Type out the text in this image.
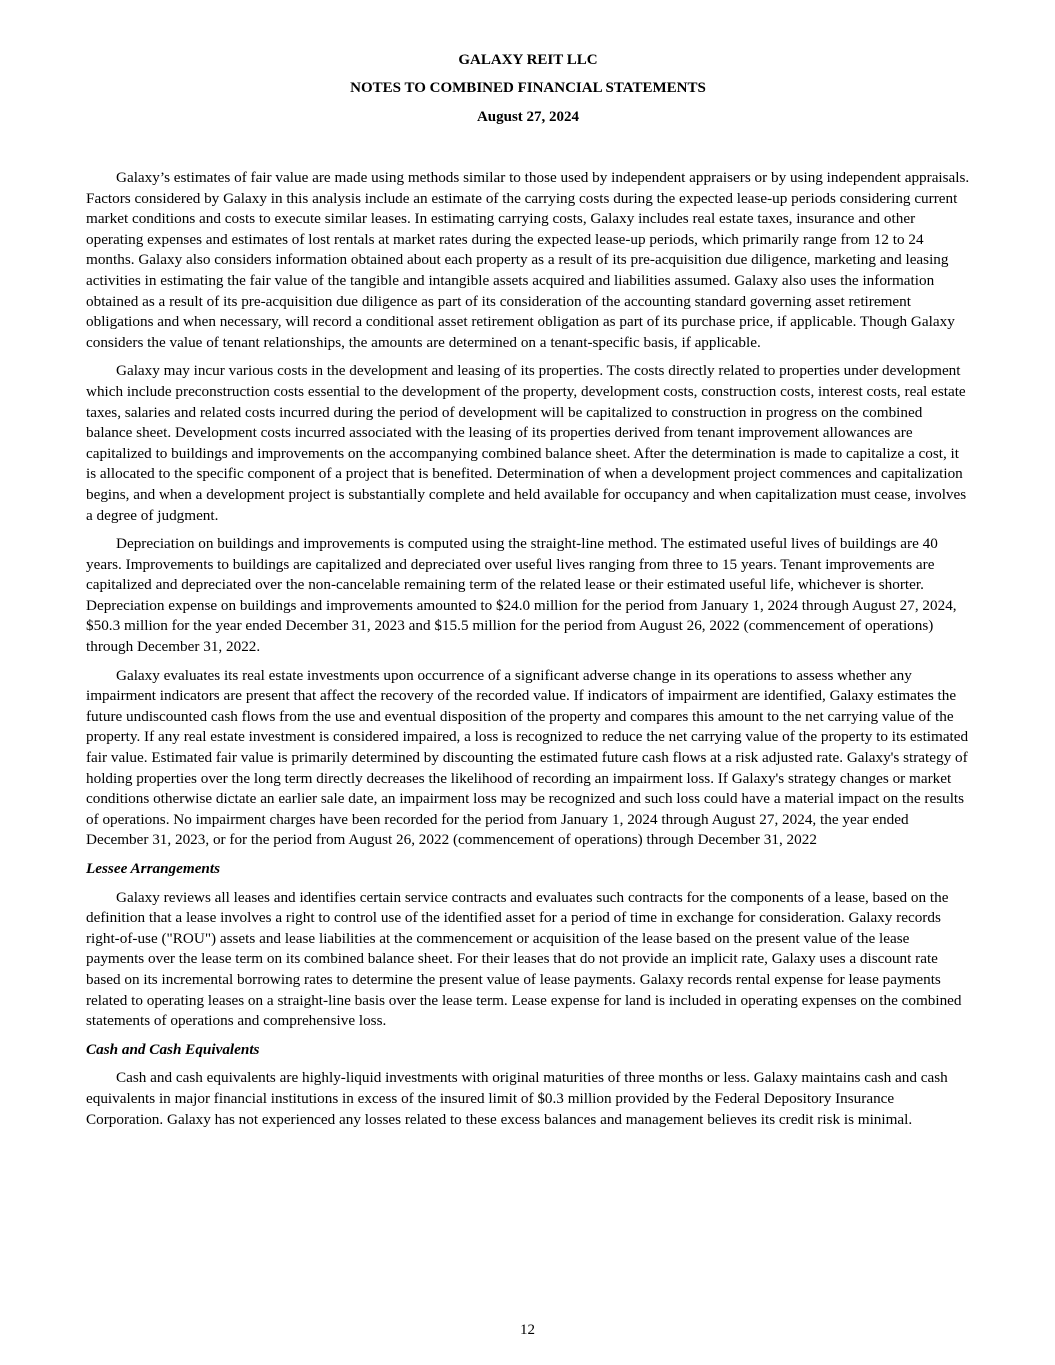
GALAXY REIT LLC
NOTES TO COMBINED FINANCIAL STATEMENTS
August 27, 2024

Galaxy’s estimates of fair value are made using methods similar to those used by independent appraisers or by using independent appraisals. Factors considered by Galaxy in this analysis include an estimate of the carrying costs during the expected lease-up periods considering current market conditions and costs to execute similar leases. In estimating carrying costs, Galaxy includes real estate taxes, insurance and other operating expenses and estimates of lost rentals at market rates during the expected lease-up periods, which primarily range from 12 to 24 months. Galaxy also considers information obtained about each property as a result of its pre-acquisition due diligence, marketing and leasing activities in estimating the fair value of the tangible and intangible assets acquired and liabilities assumed. Galaxy also uses the information obtained as a result of its pre-acquisition due diligence as part of its consideration of the accounting standard governing asset retirement obligations and when necessary, will record a conditional asset retirement obligation as part of its purchase price, if applicable. Though Galaxy considers the value of tenant relationships, the amounts are determined on a tenant-specific basis, if applicable.

Galaxy may incur various costs in the development and leasing of its properties. The costs directly related to properties under development which include preconstruction costs essential to the development of the property, development costs, construction costs, interest costs, real estate taxes, salaries and related costs incurred during the period of development will be capitalized to construction in progress on the combined balance sheet. Development costs incurred associated with the leasing of its properties derived from tenant improvement allowances are capitalized to buildings and improvements on the accompanying combined balance sheet. After the determination is made to capitalize a cost, it is allocated to the specific component of a project that is benefited. Determination of when a development project commences and capitalization begins, and when a development project is substantially complete and held available for occupancy and when capitalization must cease, involves a degree of judgment.

Depreciation on buildings and improvements is computed using the straight-line method. The estimated useful lives of buildings are 40 years. Improvements to buildings are capitalized and depreciated over useful lives ranging from three to 15 years. Tenant improvements are capitalized and depreciated over the non-cancelable remaining term of the related lease or their estimated useful life, whichever is shorter. Depreciation expense on buildings and improvements amounted to $24.0 million for the period from January 1, 2024 through August 27, 2024, $50.3 million for the year ended December 31, 2023 and $15.5 million for the period from August 26, 2022 (commencement of operations) through December 31, 2022.

Galaxy evaluates its real estate investments upon occurrence of a significant adverse change in its operations to assess whether any impairment indicators are present that affect the recovery of the recorded value. If indicators of impairment are identified, Galaxy estimates the future undiscounted cash flows from the use and eventual disposition of the property and compares this amount to the net carrying value of the property. If any real estate investment is considered impaired, a loss is recognized to reduce the net carrying value of the property to its estimated fair value. Estimated fair value is primarily determined by discounting the estimated future cash flows at a risk adjusted rate. Galaxy's strategy of holding properties over the long term directly decreases the likelihood of recording an impairment loss. If Galaxy's strategy changes or market conditions otherwise dictate an earlier sale date, an impairment loss may be recognized and such loss could have a material impact on the results of operations. No impairment charges have been recorded for the period from January 1, 2024 through August 27, 2024, the year ended December 31, 2023, or for the period from August 26, 2022 (commencement of operations) through December 31, 2022

Lessee Arrangements

Galaxy reviews all leases and identifies certain service contracts and evaluates such contracts for the components of a lease, based on the definition that a lease involves a right to control use of the identified asset for a period of time in exchange for consideration. Galaxy records right-of-use ("ROU") assets and lease liabilities at the commencement or acquisition of the lease based on the present value of the lease payments over the lease term on its combined balance sheet. For their leases that do not provide an implicit rate, Galaxy uses a discount rate based on its incremental borrowing rates to determine the present value of lease payments. Galaxy records rental expense for lease payments related to operating leases on a straight-line basis over the lease term. Lease expense for land is included in operating expenses on the combined statements of operations and comprehensive loss.

Cash and Cash Equivalents

Cash and cash equivalents are highly-liquid investments with original maturities of three months or less. Galaxy maintains cash and cash equivalents in major financial institutions in excess of the insured limit of $0.3 million provided by the Federal Depository Insurance Corporation. Galaxy has not experienced any losses related to these excess balances and management believes its credit risk is minimal.

12
